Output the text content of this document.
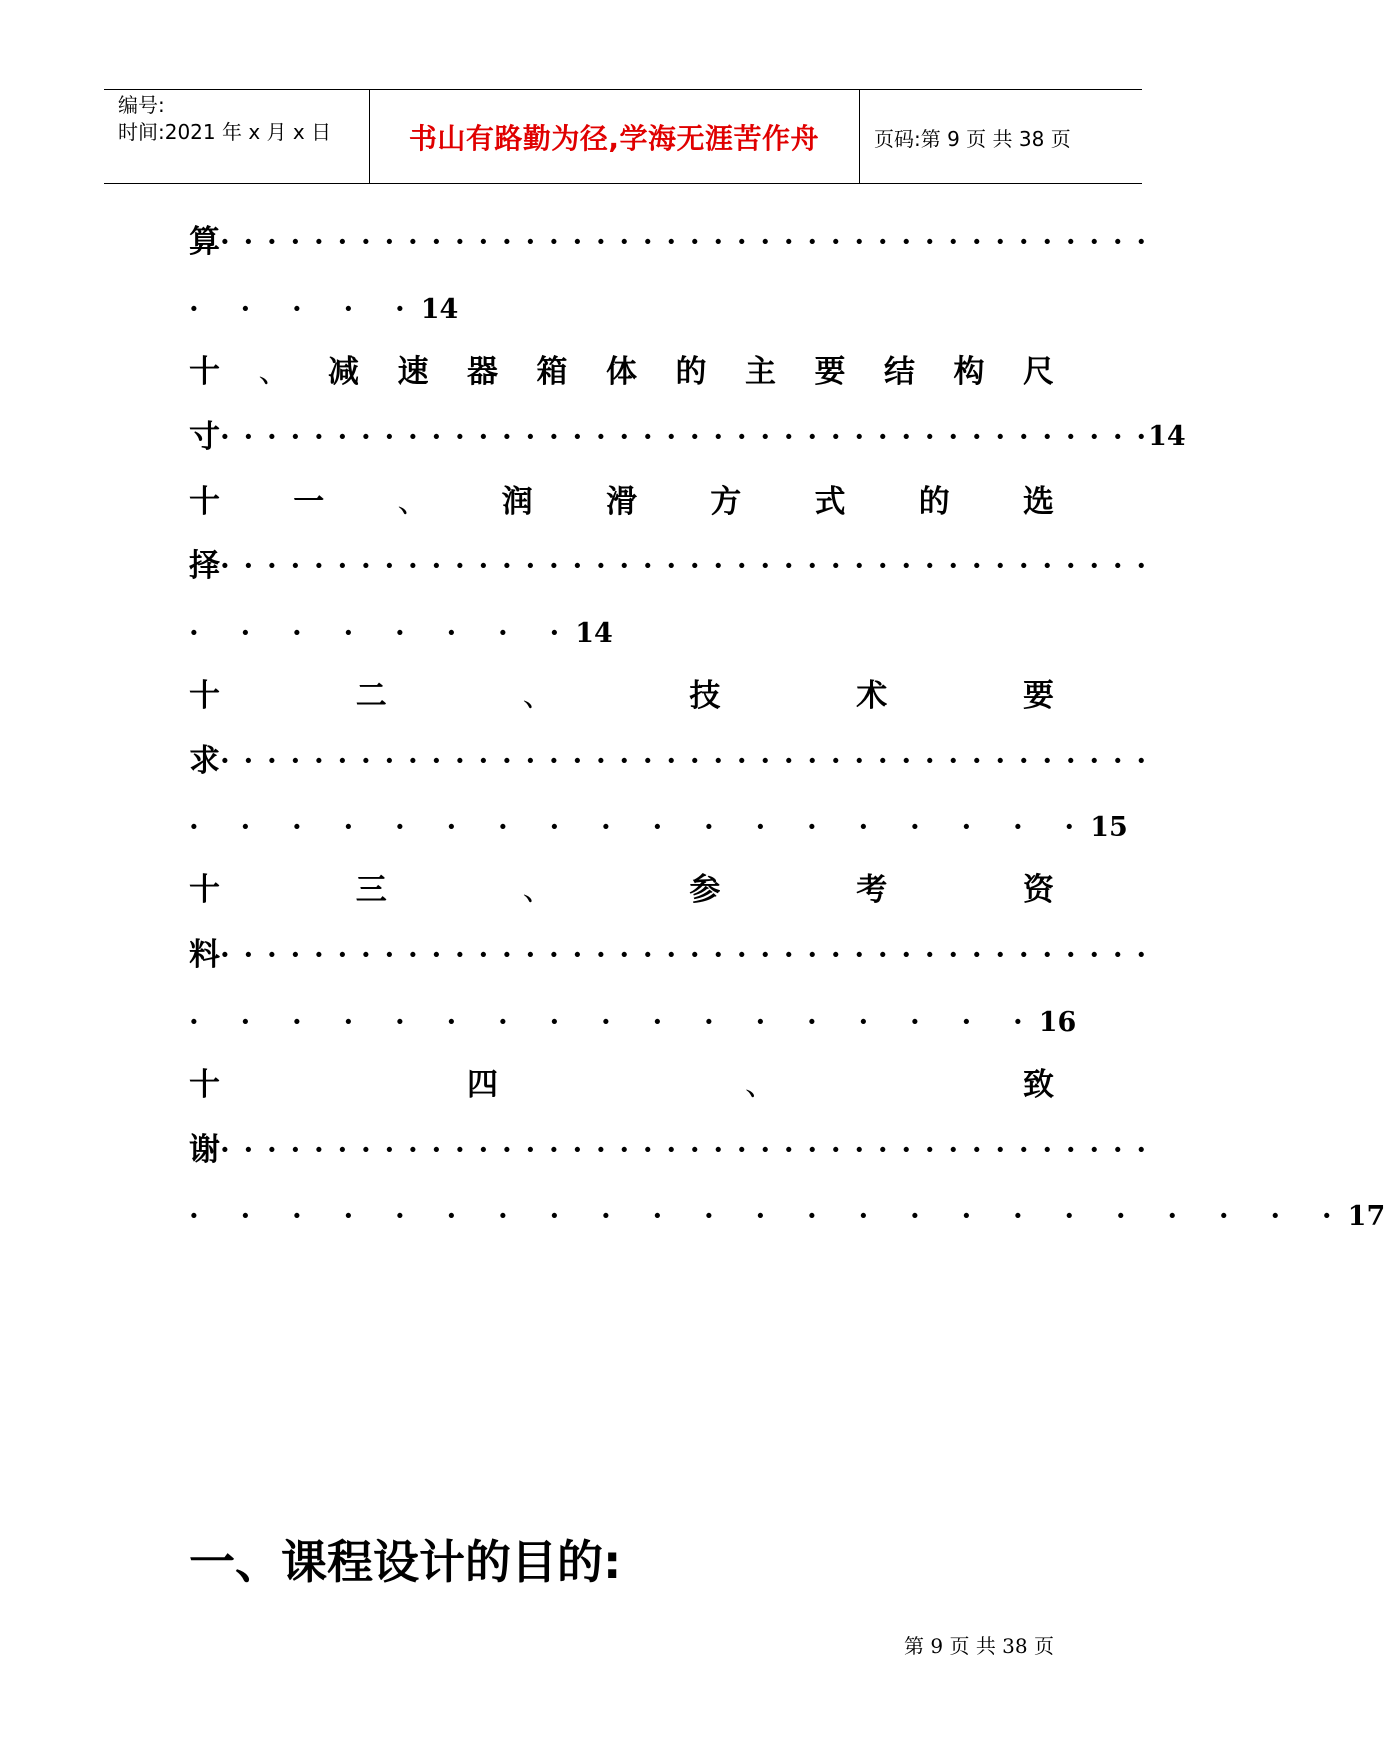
编号:
时间:2021 年 x 月 x 日	书山有路勤为径,学海无涯苦作舟	页码:第 9 页 共 38 页
算
· · ·
· · · · ·14
十 、 减 速 器 箱 体 的 主 要 结 构 尺
寸 · · ·	14
十 一 、 润 滑 方 式 的 选
择
· · ·
· · · · · · · ·14
十	二	、	技	术	要
求
· · ·
· · · · · · · · · · · · · · · · · ·15
十	三	、	参	考	资
料
· · ·
· · · · · · · · · · · · · · · · ·16
十	四	、	致
谢
· · ·
· · · · · · · · · · · · · · · · · · · · · · ·17
一、课程设计的目的:
第 9 页 共 38 页
